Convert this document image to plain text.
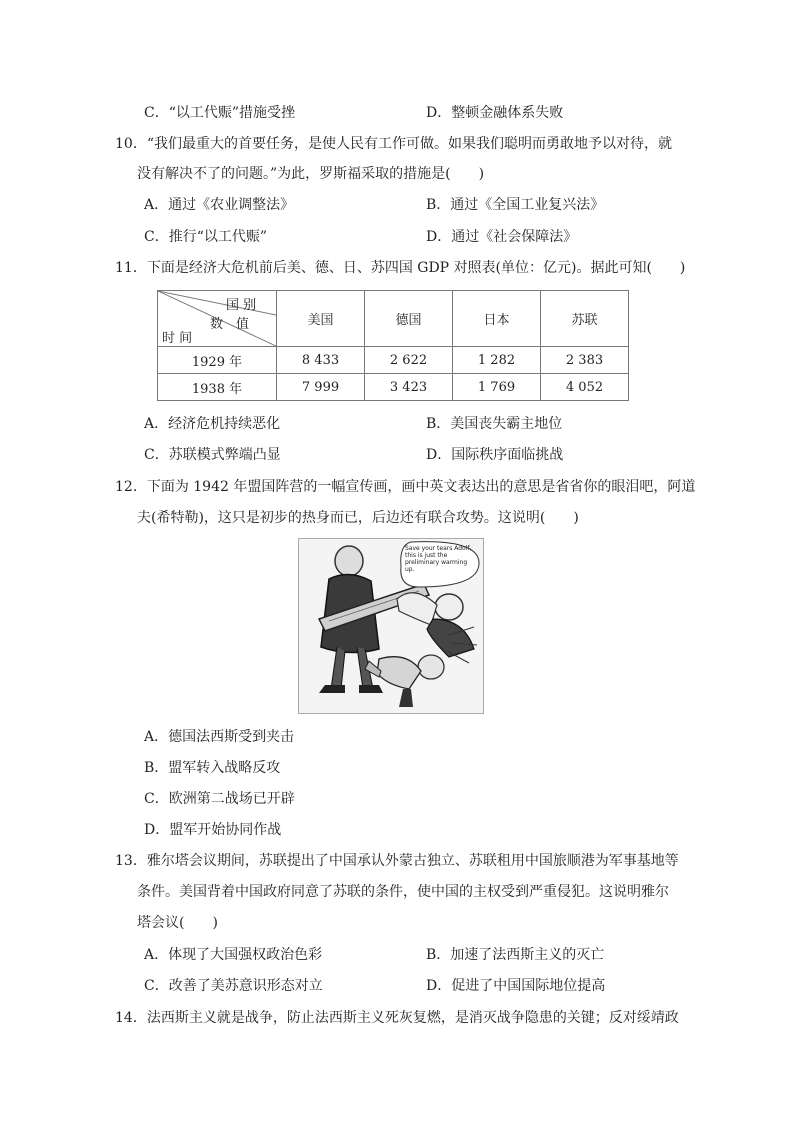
C．“以工代赈”措施受挫	D．整顿金融体系失败
10．“我们最重大的首要任务，是使人民有工作可做。如果我们聪明而勇敢地予以对待，就
没有解决不了的问题。”为此，罗斯福采取的措施是(　　)
A．通过《农业调整法》	B．通过《全国工业复兴法》
C．推行“以工代赈”	D．通过《社会保障法》
11．下面是经济大危机前后美、德、日、苏四国 GDP 对照表(单位：亿元)。据此可知(　　)
国 别
数　值
时 间	美国	德国	日本	苏联
1929 年	8 433	2 622	1 282	2 383
1938 年	7 999	3 423	1 769	4 052
A．经济危机持续恶化	B．美国丧失霸主地位
C．苏联模式弊端凸显	D．国际秩序面临挑战
12．下面为 1942 年盟国阵营的一幅宣传画，画中英文表达出的意思是省省你的眼泪吧，阿道
夫(希特勒)，这只是初步的热身而已，后边还有联合攻势。这说明(　　)
Save your tears Adolf, this is just the preliminary warming up.
A．德国法西斯受到夹击
B．盟军转入战略反攻
C．欧洲第二战场已开辟
D．盟军开始协同作战
13．雅尔塔会议期间，苏联提出了中国承认外蒙古独立、苏联租用中国旅顺港为军事基地等
条件。美国背着中国政府同意了苏联的条件，使中国的主权受到严重侵犯。这说明雅尔
塔会议(　　)
A．体现了大国强权政治色彩	B．加速了法西斯主义的灭亡
C．改善了美苏意识形态对立	D．促进了中国国际地位提高
14．法西斯主义就是战争，防止法西斯主义死灰复燃，是消灭战争隐患的关键；反对绥靖政
